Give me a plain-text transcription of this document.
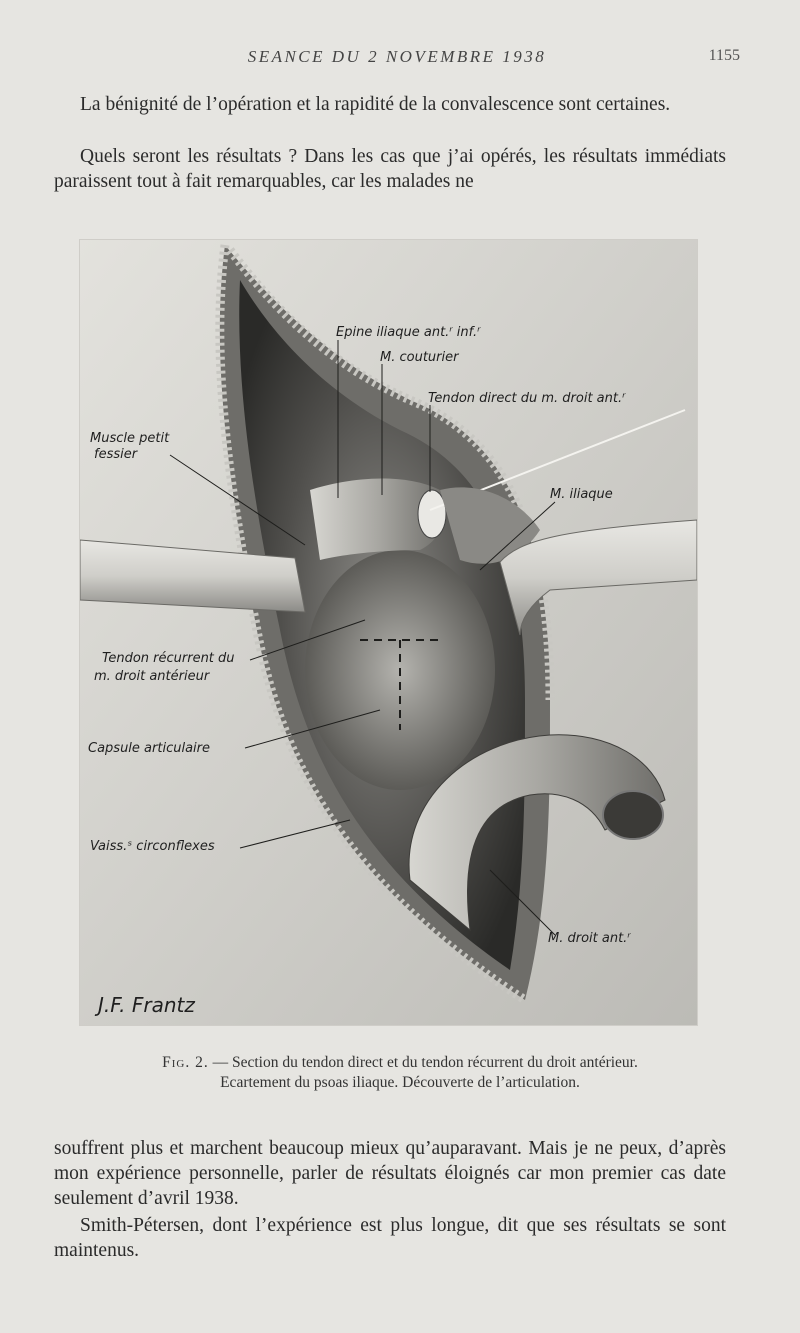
SEANCE DU 2 NOVEMBRE 1938	1155
La bénignité de l’opération et la rapidité de la convalescence sont certaines.
Quels seront les résultats ? Dans les cas que j’ai opérés, les résultats immédiats paraissent tout à fait remarquables, car les malades ne
Epine iliaque ant.ʳ inf.ʳ
M. couturier
Tendon direct du m. droit ant.ʳ
Muscle petit
fessier
M. iliaque
Tendon récurrent du
m. droit antérieur
Capsule articulaire
Vaiss.ˢ circonflexes
M. droit ant.ʳ
J.F. Frantz
Fig. 2. — Section du tendon direct et du tendon récurrent du droit antérieur.
Ecartement du psoas iliaque. Découverte de l’articulation.
souffrent plus et marchent beaucoup mieux qu’auparavant. Mais je ne peux, d’après mon expérience personnelle, parler de résultats éloignés car mon premier cas date seulement d’avril 1938.
Smith-Pétersen, dont l’expérience est plus longue, dit que ses résultats se sont maintenus.
